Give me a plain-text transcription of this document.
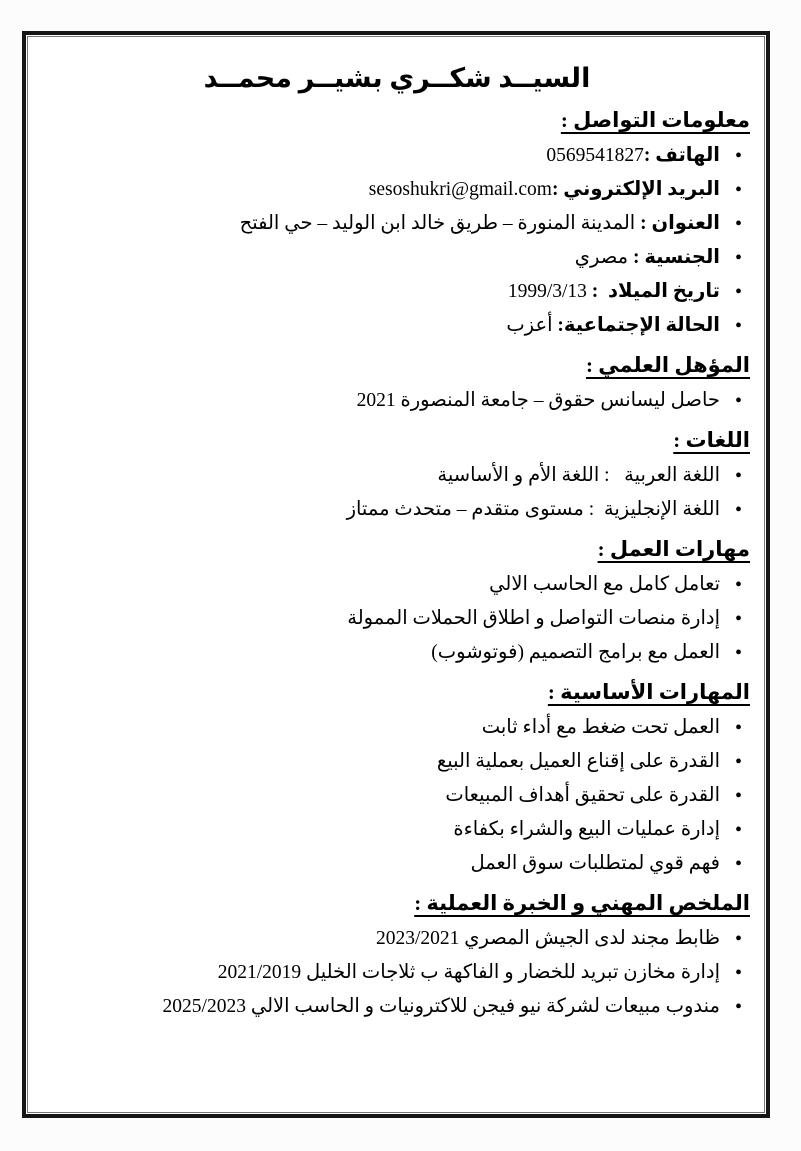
السيــد شكــري بشيــر محمــد
معلومات التواصل :
• الهاتف :0569541827
• البريد الإلكتروني :sesoshukri@gmail.com
• العنوان : المدينة المنورة – طريق خالد ابن الوليد – حي الفتح
• الجنسية : مصري
• تاريخ الميلاد  : 1999/3/13
• الحالة الإجتماعية: أعزب
المؤهل العلمي :
• حاصل ليسانس حقوق – جامعة المنصورة 2021
اللغات :
• اللغة العربية   : اللغة الأم و الأساسية
• اللغة الإنجليزية  : مستوى متقدم – متحدث ممتاز
مهارات العمل :
• تعامل كامل مع الحاسب الالي
• إدارة منصات التواصل و اطلاق الحملات الممولة
• العمل مع برامج التصميم (فوتوشوب)
المهارات الأساسية :
• العمل تحت ضغط مع أداء ثابت
• القدرة على إقناع العميل بعملية البيع
• القدرة على تحقيق أهداف المبيعات
• إدارة عمليات البيع والشراء بكفاءة
• فهم قوي لمتطلبات سوق العمل
الملخص المهني و الخبرة العملية :
• ظابط مجند لدى الجيش المصري 2023/2021
• إدارة مخازن تبريد للخضار و الفاكهة ب ثلاجات الخليل 2021/2019
• مندوب مبيعات لشركة نيو فيجن للاكترونيات و الحاسب الالي 2025/2023
